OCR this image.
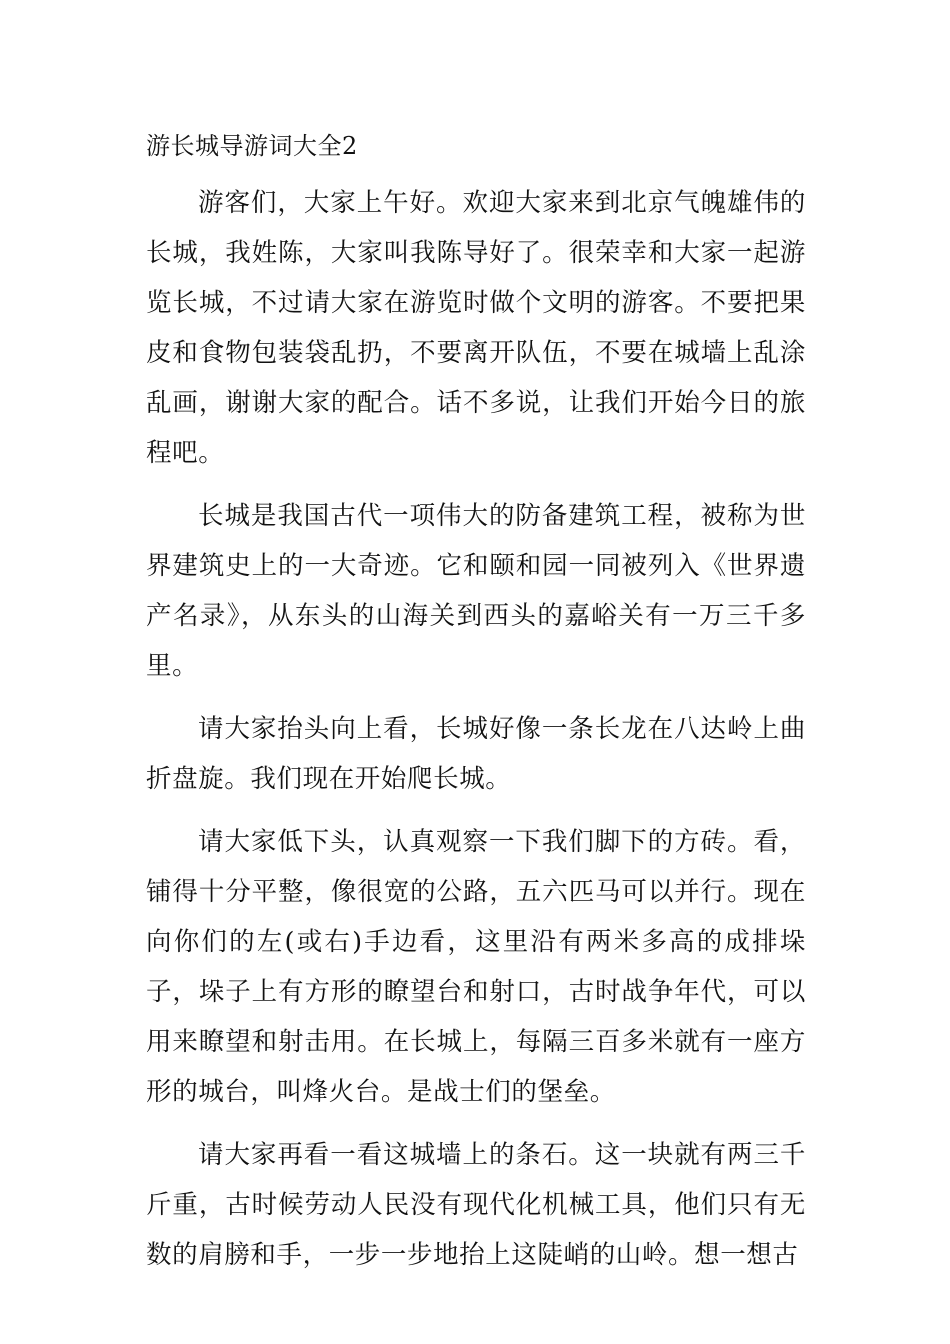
游长城导游词大全2

游客们，大家上午好。欢迎大家来到北京气魄雄伟的长城，我姓陈，大家叫我陈导好了。很荣幸和大家一起游览长城，不过请大家在游览时做个文明的游客。不要把果皮和食物包装袋乱扔，不要离开队伍，不要在城墙上乱涂乱画，谢谢大家的配合。话不多说，让我们开始今日的旅程吧。

长城是我国古代一项伟大的防备建筑工程，被称为世界建筑史上的一大奇迹。它和颐和园一同被列入《世界遗产名录》，从东头的山海关到西头的嘉峪关有一万三千多里。

请大家抬头向上看，长城好像一条长龙在八达岭上曲折盘旋。我们现在开始爬长城。

请大家低下头，认真观察一下我们脚下的方砖。看，铺得十分平整，像很宽的公路，五六匹马可以并行。现在向你们的左(或右)手边看，这里沿有两米多高的成排垛子，垛子上有方形的瞭望台和射口，古时战争年代，可以用来瞭望和射击用。在长城上，每隔三百多米就有一座方形的城台，叫烽火台。是战士们的堡垒。

请大家再看一看这城墙上的条石。这一块就有两三千斤重，古时候劳动人民没有现代化机械工具，他们只有无数的肩膀和手，一步一步地抬上这陡峭的山岭。想一想古
